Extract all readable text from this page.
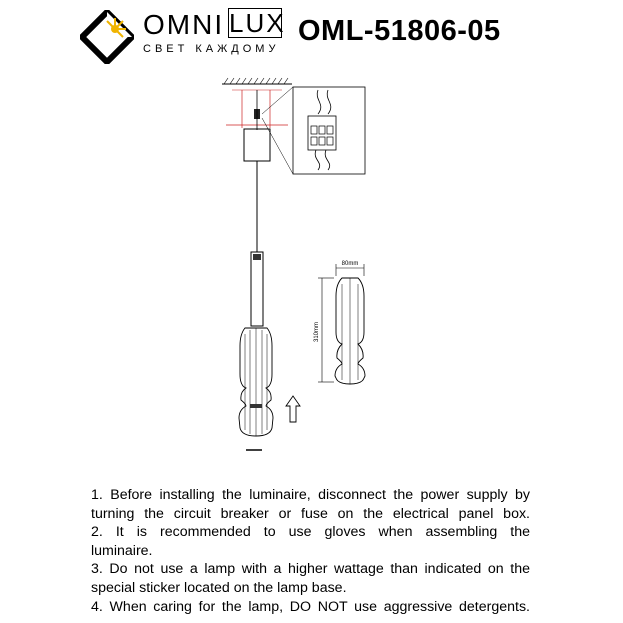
OMNI LUX
СВЕТ КАЖДОМУ
OML-51806-05
80mm
310mm
1. Before installing the luminaire, disconnect the power supply by
turning the circuit breaker or fuse on the electrical panel box.
2. It is recommended to use gloves when assembling the
luminaire.
3. Do not use a lamp with a higher wattage than indicated on the
special sticker located on the lamp base.
4. When caring for the lamp, DO NOT use aggressive detergents.
